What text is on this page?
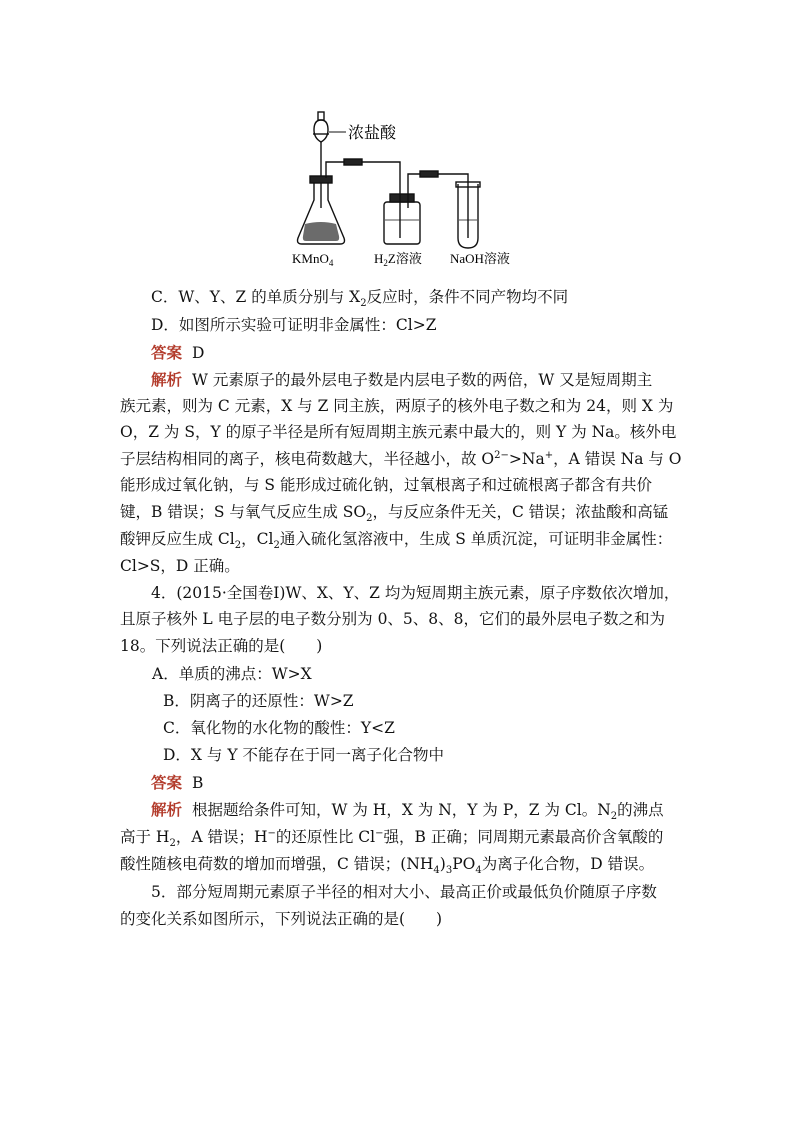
浓盐酸
KMnO$_4$	$H_2Z$溶液 NaOH溶液
C．W、Y、Z 的单质分别与 $X_2$反应时，条件不同产物均不同
D．如图所示实验可证明非金属性：Cl>Z
答案 D
解析 W 元素原子的最外层电子数是内层电子数的两倍，W 又是短周期主
族元素，则为 C 元素，X 与 Z 同主族，两原子的核外电子数之和为 24，则 X 为
O，Z 为 S，Y 的原子半径是所有短周期主族元素中最大的，则 Y 为 Na。核外电
子层结构相同的离子，核电荷数越大，半径越小，故 $O^{2-}>Na^+$，A 错误 Na 与 O
能形成过氧化钠，与 S 能形成过硫化钠，过氧根离子和过硫根离子都含有共价
键，B 错误；S 与氧气反应生成 $SO_2$，与反应条件无关，C 错误；浓盐酸和高锰
酸钾反应生成 $Cl_2$，$Cl_2$通入硫化氢溶液中，生成 S 单质沉淀，可证明非金属性：
Cl>S，D 正确。
4．(2015·全国卷Ⅰ)W、X、Y、Z 均为短周期主族元素，原子序数依次增加，
且原子核外 L 电子层的电子数分别为 0、5、8、8，它们的最外层电子数之和为
18。下列说法正确的是(　　)
A．单质的沸点：W>X
B．阴离子的还原性：W>Z
C．氧化物的水化物的酸性：Y<Z
D．X 与 Y 不能存在于同一离子化合物中
答案 B
解析 根据题给条件可知，W 为 H，X 为 N，Y 为 P，Z 为 Cl。$N_2$的沸点
高于 $H_2$，A 错误；H−的还原性比 Cl−强，B 正确；同周期元素最高价含氧酸的
酸性随核电荷数的增加而增强，C 错误；$(NH_4)_3PO_4$为离子化合物，D 错误。
5．部分短周期元素原子半径的相对大小、最高正价或最低负价随原子序数
的变化关系如图所示，下列说法正确的是(　　)
